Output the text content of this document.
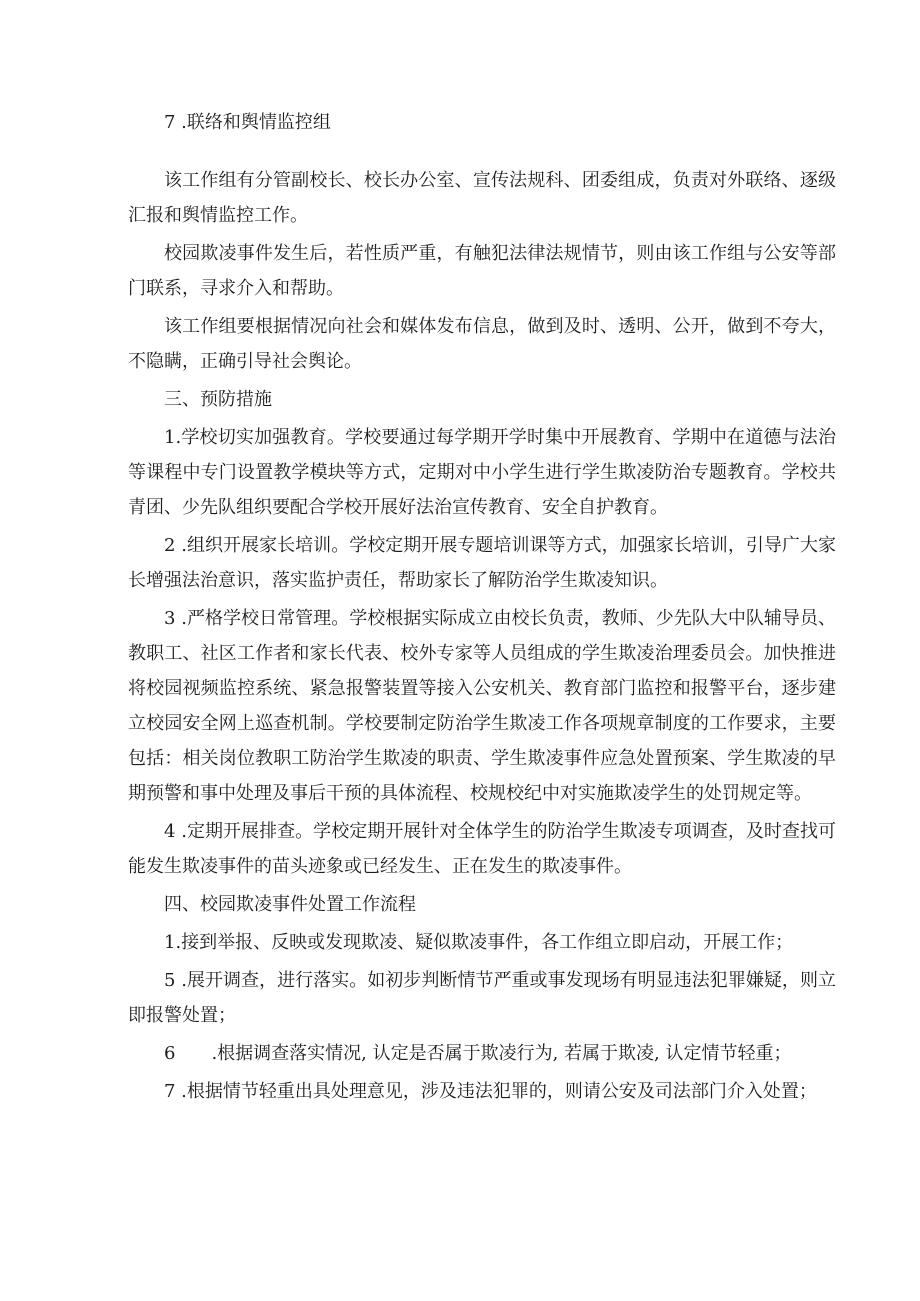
7 .联络和舆情监控组

该工作组有分管副校长、校长办公室、宣传法规科、团委组成，负责对外联络、逐级汇报和舆情监控工作。

校园欺凌事件发生后，若性质严重，有触犯法律法规情节，则由该工作组与公安等部门联系，寻求介入和帮助。

该工作组要根据情况向社会和媒体发布信息，做到及时、透明、公开，做到不夸大，不隐瞒，正确引导社会舆论。

三、预防措施

1.学校切实加强教育。学校要通过每学期开学时集中开展教育、学期中在道德与法治等课程中专门设置教学模块等方式，定期对中小学生进行学生欺凌防治专题教育。学校共青团、少先队组织要配合学校开展好法治宣传教育、安全自护教育。

2 .组织开展家长培训。学校定期开展专题培训课等方式，加强家长培训，引导广大家长增强法治意识，落实监护责任，帮助家长了解防治学生欺凌知识。

3 .严格学校日常管理。学校根据实际成立由校长负责，教师、少先队大中队辅导员、教职工、社区工作者和家长代表、校外专家等人员组成的学生欺凌治理委员会。加快推进将校园视频监控系统、紧急报警装置等接入公安机关、教育部门监控和报警平台，逐步建立校园安全网上巡查机制。学校要制定防治学生欺凌工作各项规章制度的工作要求，主要包括：相关岗位教职工防治学生欺凌的职责、学生欺凌事件应急处置预案、学生欺凌的早期预警和事中处理及事后干预的具体流程、校规校纪中对实施欺凌学生的处罚规定等。

4 .定期开展排查。学校定期开展针对全体学生的防治学生欺凌专项调查，及时查找可能发生欺凌事件的苗头迹象或已经发生、正在发生的欺凌事件。

四、校园欺凌事件处置工作流程

1.接到举报、反映或发现欺凌、疑似欺凌事件，各工作组立即启动，开展工作；

5 .展开调查，进行落实。如初步判断情节严重或事发现场有明显违法犯罪嫌疑，则立即报警处置；

6　　.根据调查落实情况, 认定是否属于欺凌行为, 若属于欺凌, 认定情节轻重；

7 .根据情节轻重出具处理意见，涉及违法犯罪的，则请公安及司法部门介入处置；
